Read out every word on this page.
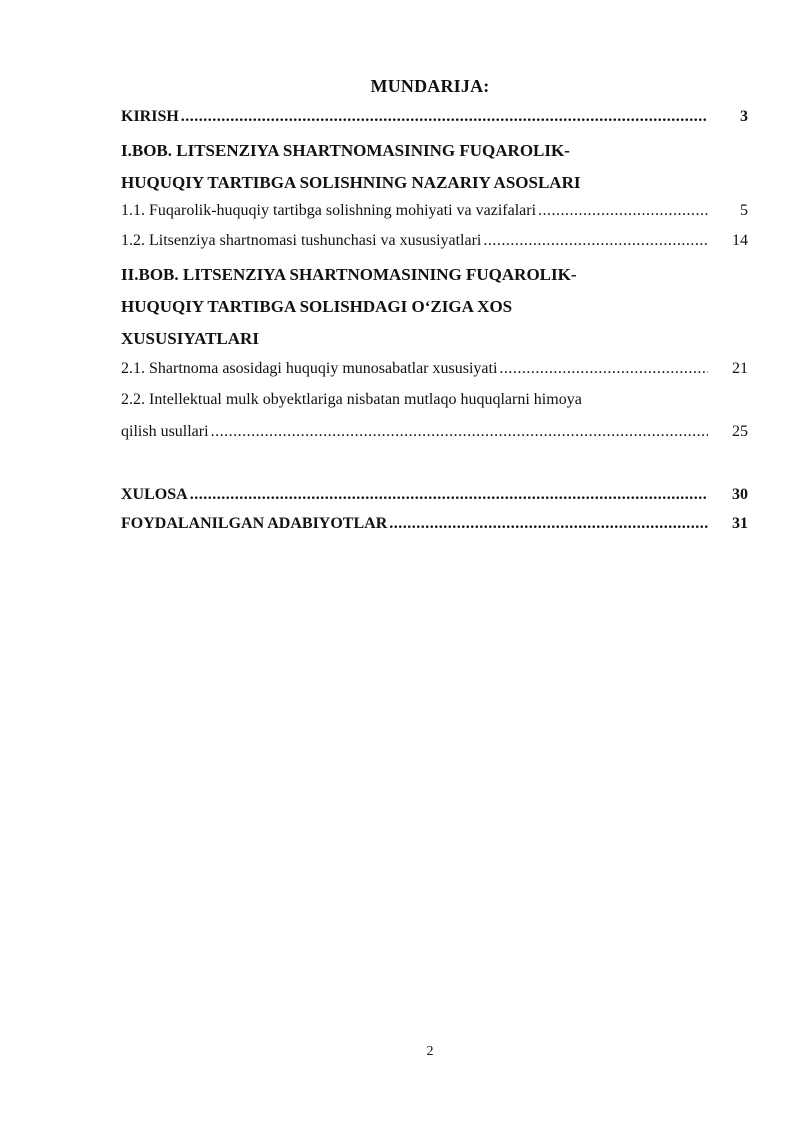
MUNDARIJA:
KIRISH .....	3
I.BOB. LITSENZIYA SHARTNOMASINING FUQAROLIK-
HUQUQIY TARTIBGA SOLISHNING NAZARIY ASOSLARI
1.1. Fuqarolik-huquqiy tartibga solishning mohiyati va vazifalari .....	5
1.2. Litsenziya shartnomasi tushunchasi va xususiyatlari .....	14
II.BOB. LITSENZIYA SHARTNOMASINING FUQAROLIK-
HUQUQIY TARTIBGA SOLISHDAGI O‘ZIGA XOS
XUSUSIYATLARI
2.1. Shartnoma asosidagi huquqiy munosabatlar xususiyati .....	21
2.2. Intellektual mulk obyektlariga nisbatan mutlaqo huquqlarni himoya
qilish usullari .....	25
XULOSA .....	30
FOYDALANILGAN ADABIYOTLAR .....	31
2
